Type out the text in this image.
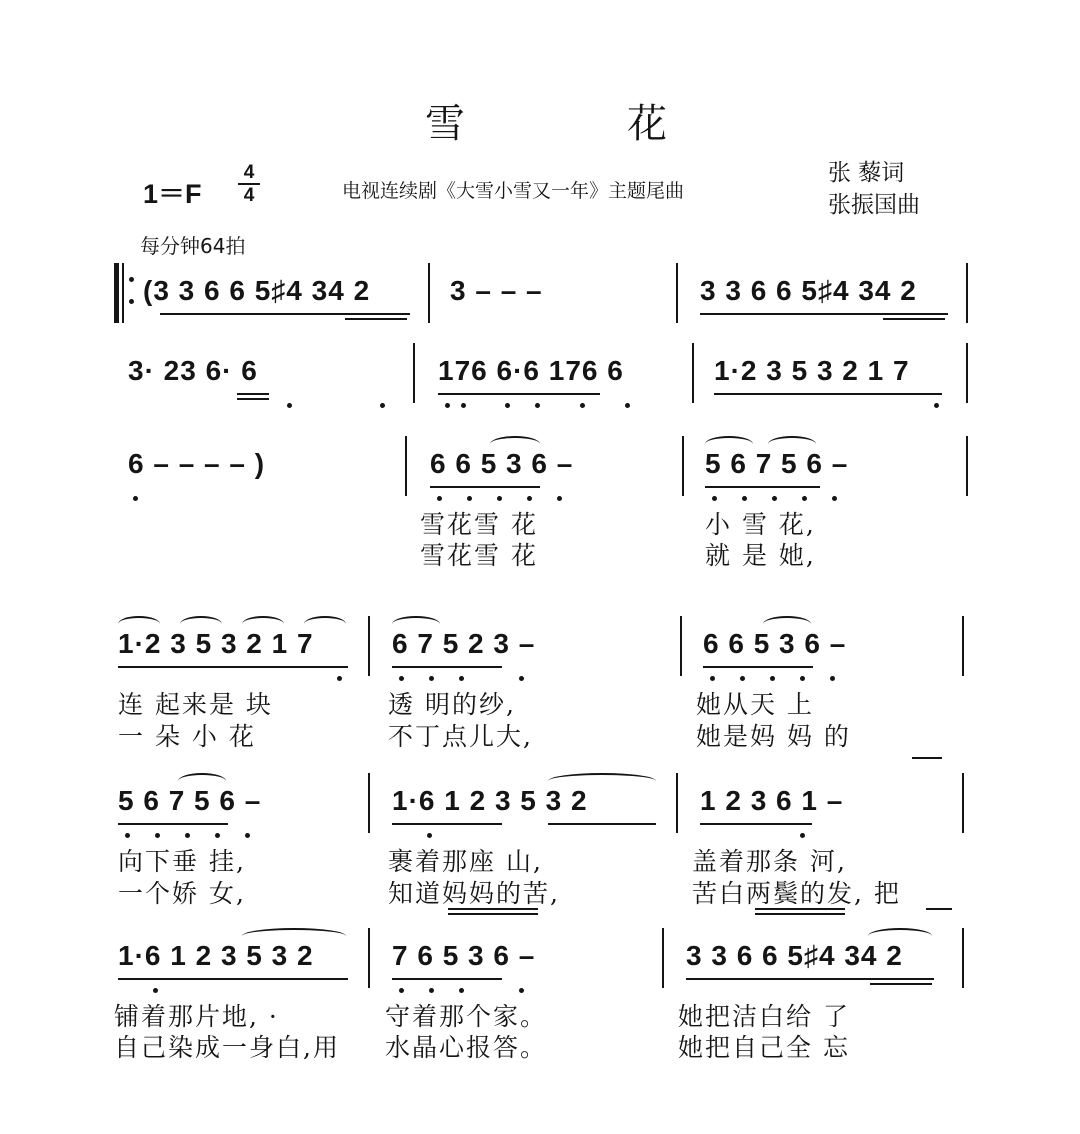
雪	花
1＝F
4
4	电视连续剧《大雪小雪又一年》主题尾曲
张 藜词
张振国曲
每分钟64拍
(3 3 6 6 5♯4 34 2	3 – – –	3 3 6 6 5♯4 34 2
3· 23 6· 6	176 6·6 176 6	1·2 3 5 3 2 1 7
6 – – – – )	6 6 5 3 6 –	5 6 7 5 6 –
雪花雪 花	小 雪 花,
雪花雪 花	就 是 她,
1·2 3 5 3 2 1 7	6 7 5 2 3 –	6 6 5 3 6 –
连 起来是 块	透 明的纱,	她从天 上
一 朵 小 花	不丁点儿大,	她是妈 妈 的
5 6 7 5 6 –	1·6 1 2 3 5 3 2	1 2 3 6 1 –
向下垂 挂,	裹着那座 山,	盖着那条 河,
一个娇 女,	知道妈妈的苦,	苦白两鬓的发, 把
1·6 1 2 3 5 3 2	7 6 5 3 6 –	3 3 6 6 5♯4 34 2
铺着那片地, ·	守着那个家。	她把洁白给 了
自己染成一身白,用 水晶心报答。	她把自己全 忘
